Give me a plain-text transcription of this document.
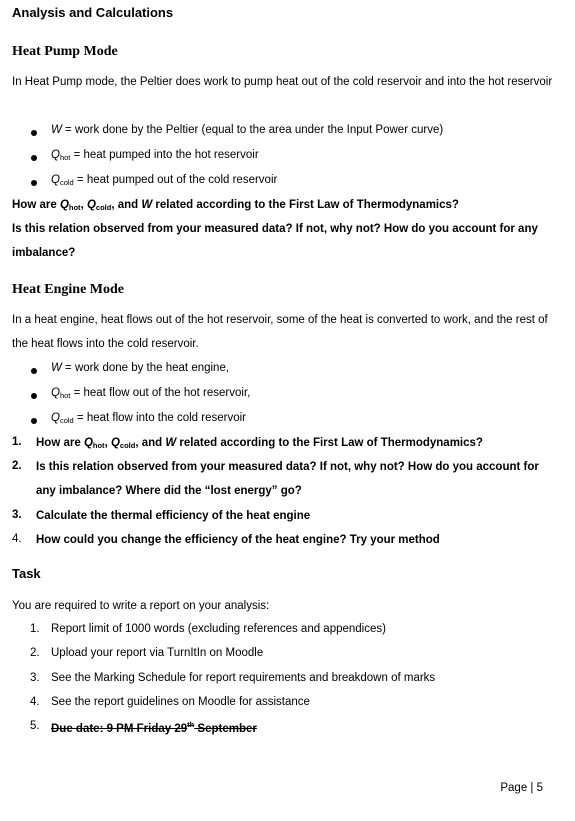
Analysis and Calculations
Heat Pump Mode
In Heat Pump mode, the Peltier does work to pump heat out of the cold reservoir and into the hot reservoir
W = work done by the Peltier (equal to the area under the Input Power curve)
$Q_{hot}$ = heat pumped into the hot reservoir
$Q_{cold}$ = heat pumped out of the cold reservoir
How are $Q_{hot}$, $Q_{cold}$, and W related according to the First Law of Thermodynamics?
Is this relation observed from your measured data? If not, why not? How do you account for any imbalance?
Heat Engine Mode
In a heat engine, heat flows out of the hot reservoir, some of the heat is converted to work, and the rest of the heat flows into the cold reservoir.
W = work done by the heat engine,
$Q_{hot}$ = heat flow out of the hot reservoir,
$Q_{cold}$ = heat flow into the cold reservoir
1. How are $Q_{hot}$, $Q_{cold}$, and W related according to the First Law of Thermodynamics?
2. Is this relation observed from your measured data? If not, why not? How do you account for any imbalance? Where did the “lost energy” go?
3. Calculate the thermal efficiency of the heat engine
4. How could you change the efficiency of the heat engine? Try your method
Task
You are required to write a report on your analysis:
1. Report limit of 1000 words (excluding references and appendices)
2. Upload your report via TurnItIn on Moodle
3. See the Marking Schedule for report requirements and breakdown of marks
4. See the report guidelines on Moodle for assistance
5. Due date: 9 PM Friday 29th September
Page | 5
